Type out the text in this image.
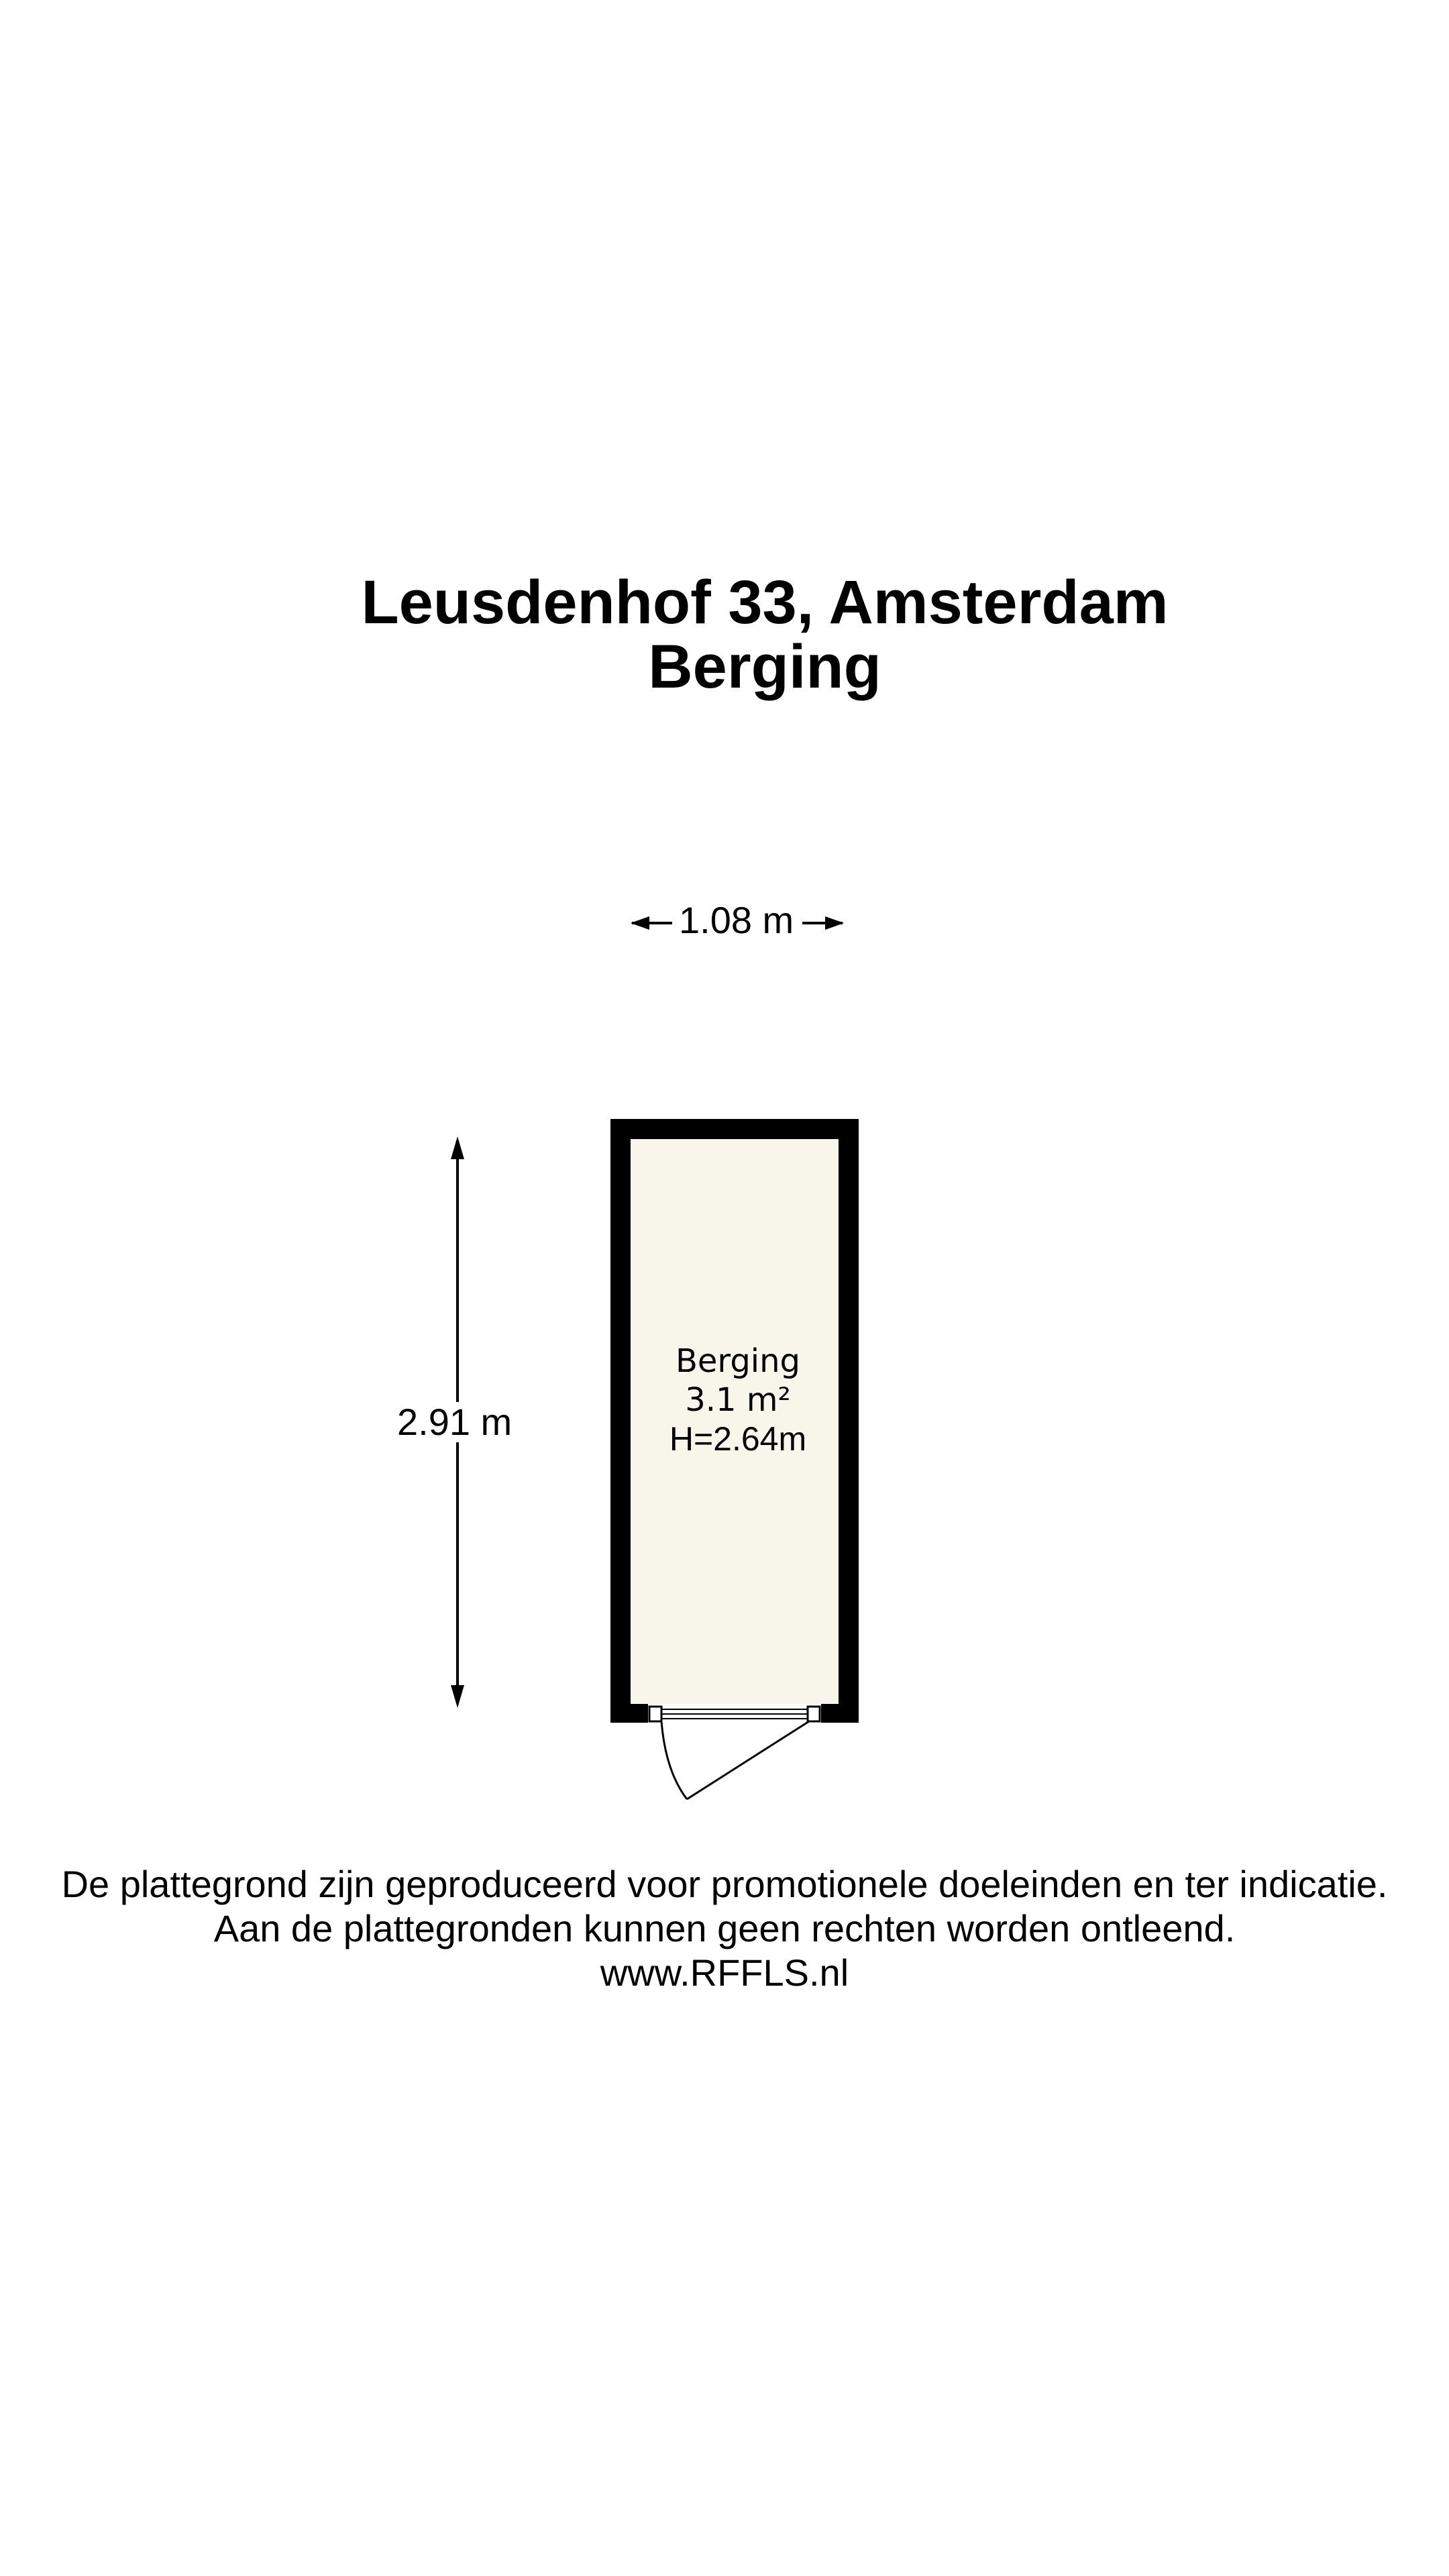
Leusdenhof 33, Amsterdam
Berging
1.08 m
2.91 m
Berging
3.1 m²
H=2.64m
De plattegrond zijn geproduceerd voor promotionele doeleinden en ter indicatie.
Aan de plattegronden kunnen geen rechten worden ontleend.
www.RFFLS.nl
